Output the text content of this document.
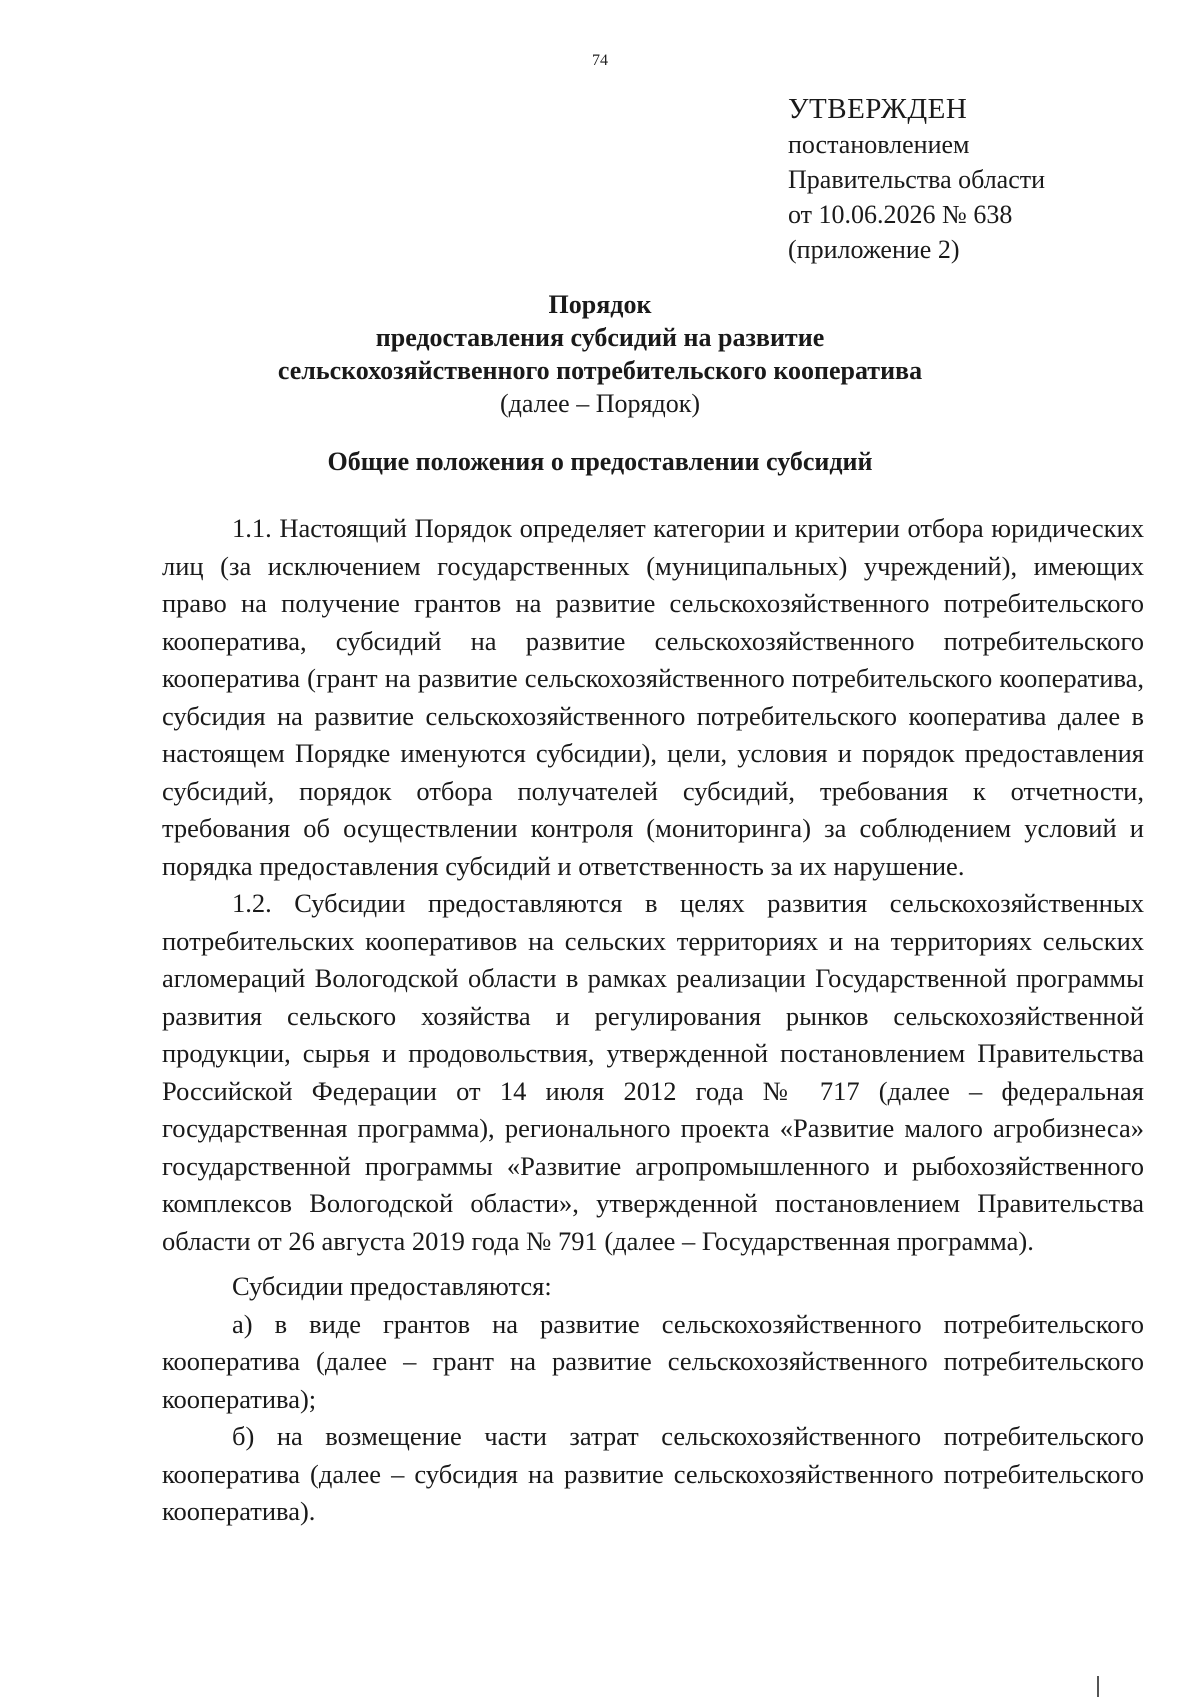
74
УТВЕРЖДЕН
постановлением
Правительства области
от 10.06.2026 № 638
(приложение 2)
Порядок
предоставления субсидий на развитие
сельскохозяйственного потребительского кооператива
(далее – Порядок)
Общие положения о предоставлении субсидий

1.1. Настоящий Порядок определяет категории и критерии отбора юридических лиц (за исключением государственных (муниципальных) учреждений), имеющих право на получение грантов на развитие сельскохозяйственного потребительского кооператива, субсидий на развитие сельскохозяйственного потребительского кооператива (грант на развитие сельскохозяйственного потребительского кооператива, субсидия на развитие сельскохозяйственного потребительского кооператива далее в настоящем Порядке именуются субсидии), цели, условия и порядок предоставления субсидий, порядок отбора получателей субсидий, требования к отчетности, требования об осуществлении контроля (мониторинга) за соблюдением условий и порядка предоставления субсидий и ответственность за их нарушение.

1.2. Субсидии предоставляются в целях развития сельскохозяйственных потребительских кооперативов на сельских территориях и на территориях сельских агломераций Вологодской области в рамках реализации Государственной программы развития сельского хозяйства и регулирования рынков сельскохозяйственной продукции, сырья и продовольствия, утвержденной постановлением Правительства Российской Федерации от 14 июля 2012 года № 717 (далее – федеральная государственная программа), регионального проекта «Развитие малого агробизнеса» государственной программы «Развитие агропромышленного и рыбохозяйственного комплексов Вологодской области», утвержденной постановлением Правительства области от 26 августа 2019 года № 791 (далее – Государственная программа).

Субсидии предоставляются:

а) в виде грантов на развитие сельскохозяйственного потребительского кооператива (далее – грант на развитие сельскохозяйственного потребительского кооператива);

б) на возмещение части затрат сельскохозяйственного потребительского кооператива (далее – субсидия на развитие сельскохозяйственного потребительского кооператива).
